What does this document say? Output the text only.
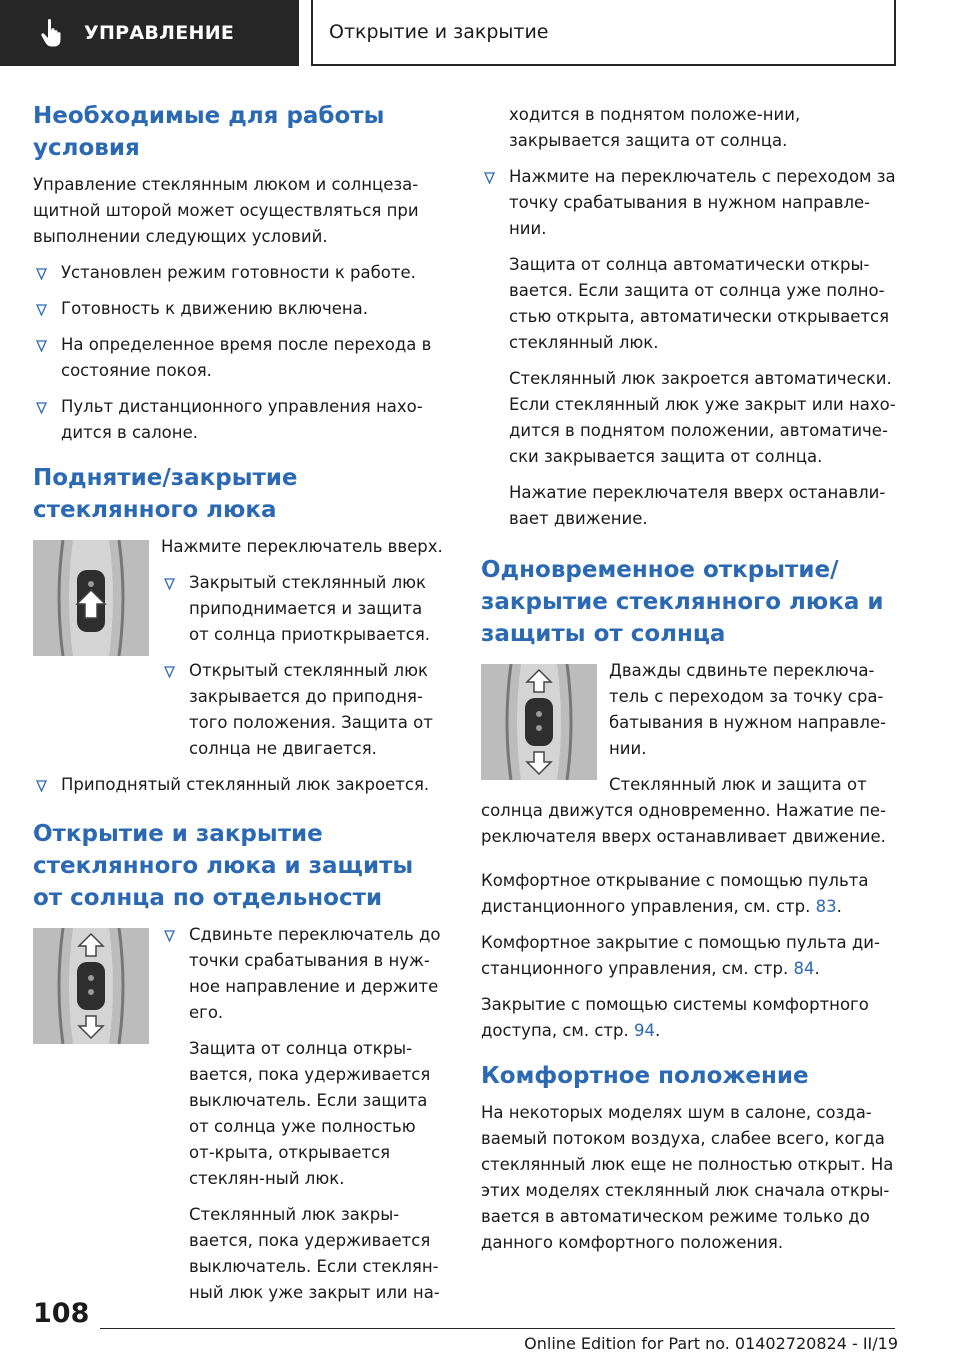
УПРАВЛЕНИЕ	Открытие и закрытие
Необходимые для работы условия

Управление стеклянным люком и солнцеза-щитной шторой может осуществляться при выполнении следующих условий.

Установлен режим готовности к работе.
Готовность к движению включена.
На определенное время после перехода в состояние покоя.
Пульт дистанционного управления нахо-дится в салоне.
Поднятие/закрытие стеклянного люка

Нажмите переключатель вверх.

Закрытый стеклянный люк приподнимается и защита от солнца приоткрывается.
Открытый стеклянный люк закрывается до приподня-того положения. Защита от солнца не двигается.
Приподнятый стеклянный люк закроется.
Открытие и закрытие стеклянного люка и защиты от солнца по отдельности
Сдвиньте переключатель до точки срабатывания в нуж-ное направление и держите его.
Защита от солнца откры-вается, пока удерживается выключатель. Если защита от солнца уже полностью от-крыта, открывается стеклян-ный люк.
Стеклянный люк закры-вается, пока удерживается выключатель. Если стеклян-ный люк уже закрыт или на-
ходится в поднятом положе-нии, закрывается защита от солнца.
Нажмите на переключатель с переходом за точку срабатывания в нужном направле-нии.
Защита от солнца автоматически откры-вается. Если защита от солнца уже полно-стью открыта, автоматически открывается стеклянный люк.
Стеклянный люк закроется автоматически. Если стеклянный люк уже закрыт или нахо-дится в поднятом положении, автоматиче-ски закрывается защита от солнца.
Нажатие переключателя вверх останавли-вает движение.
Одновременное открытие/ закрытие стеклянного люка и защиты от солнца

Дважды сдвиньте переключа-тель с переходом за точку сра-батывания в нужном направле-нии.

Стеклянный люк и защита от

солнца движутся одновременно. Нажатие пе-реключателя вверх останавливает движение.

Комфортное открывание с помощью пульта дистанционного управления, см. стр. 83.

Комфортное закрытие с помощью пульта ди-станционного управления, см. стр. 84.

Закрытие с помощью системы комфортного доступа, см. стр. 94.

Комфортное положение

На некоторых моделях шум в салоне, созда-ваемый потоком воздуха, слабее всего, когда стеклянный люк еще не полностью открыт. На этих моделях стеклянный люк сначала откры-вается в автоматическом режиме только до данного комфортного положения.

108
Online Edition for Part no. 01402720824 - II/19
